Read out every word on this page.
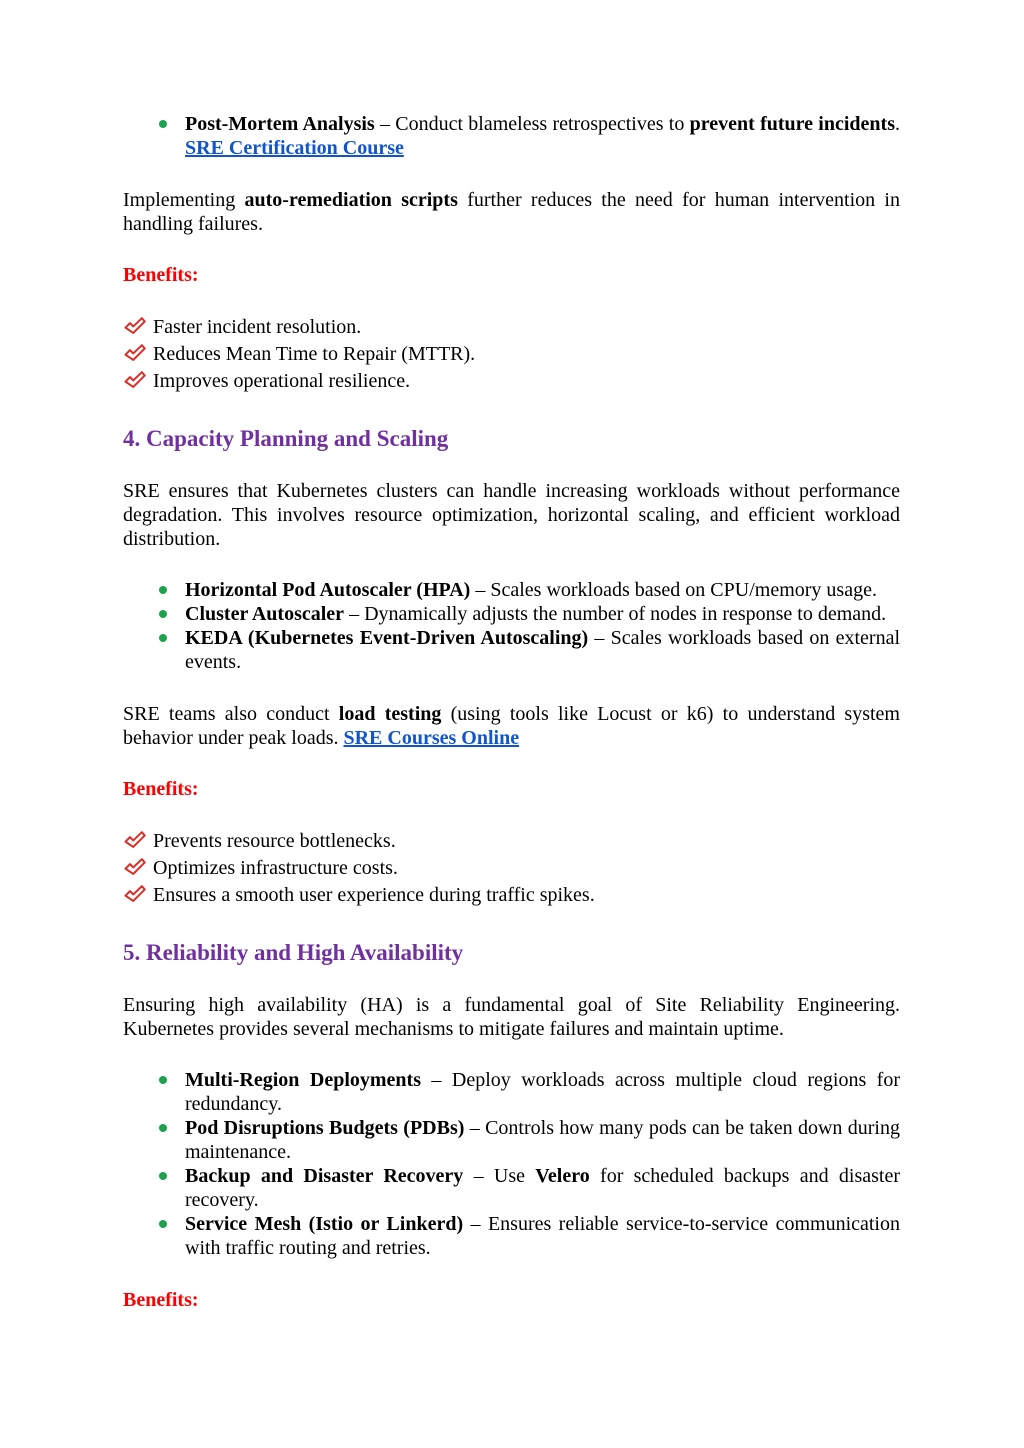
Post-Mortem Analysis – Conduct blameless retrospectives to prevent future incidents. SRE Certification Course

Implementing auto-remediation scripts further reduces the need for human intervention in handling failures.

Benefits:
Faster incident resolution.
Reduces Mean Time to Repair (MTTR).
Improves operational resilience.
4. Capacity Planning and Scaling

SRE ensures that Kubernetes clusters can handle increasing workloads without performance degradation. This involves resource optimization, horizontal scaling, and efficient workload distribution.

Horizontal Pod Autoscaler (HPA) – Scales workloads based on CPU/memory usage.
Cluster Autoscaler – Dynamically adjusts the number of nodes in response to demand.
KEDA (Kubernetes Event-Driven Autoscaling) – Scales workloads based on external events.

SRE teams also conduct load testing (using tools like Locust or k6) to understand system behavior under peak loads. SRE Courses Online

Benefits:
Prevents resource bottlenecks.
Optimizes infrastructure costs.
Ensures a smooth user experience during traffic spikes.
5. Reliability and High Availability

Ensuring high availability (HA) is a fundamental goal of Site Reliability Engineering. Kubernetes provides several mechanisms to mitigate failures and maintain uptime.

Multi-Region Deployments – Deploy workloads across multiple cloud regions for redundancy.
Pod Disruptions Budgets (PDBs) – Controls how many pods can be taken down during maintenance.
Backup and Disaster Recovery – Use Velero for scheduled backups and disaster recovery.
Service Mesh (Istio or Linkerd) – Ensures reliable service-to-service communication with traffic routing and retries.
Benefits:
